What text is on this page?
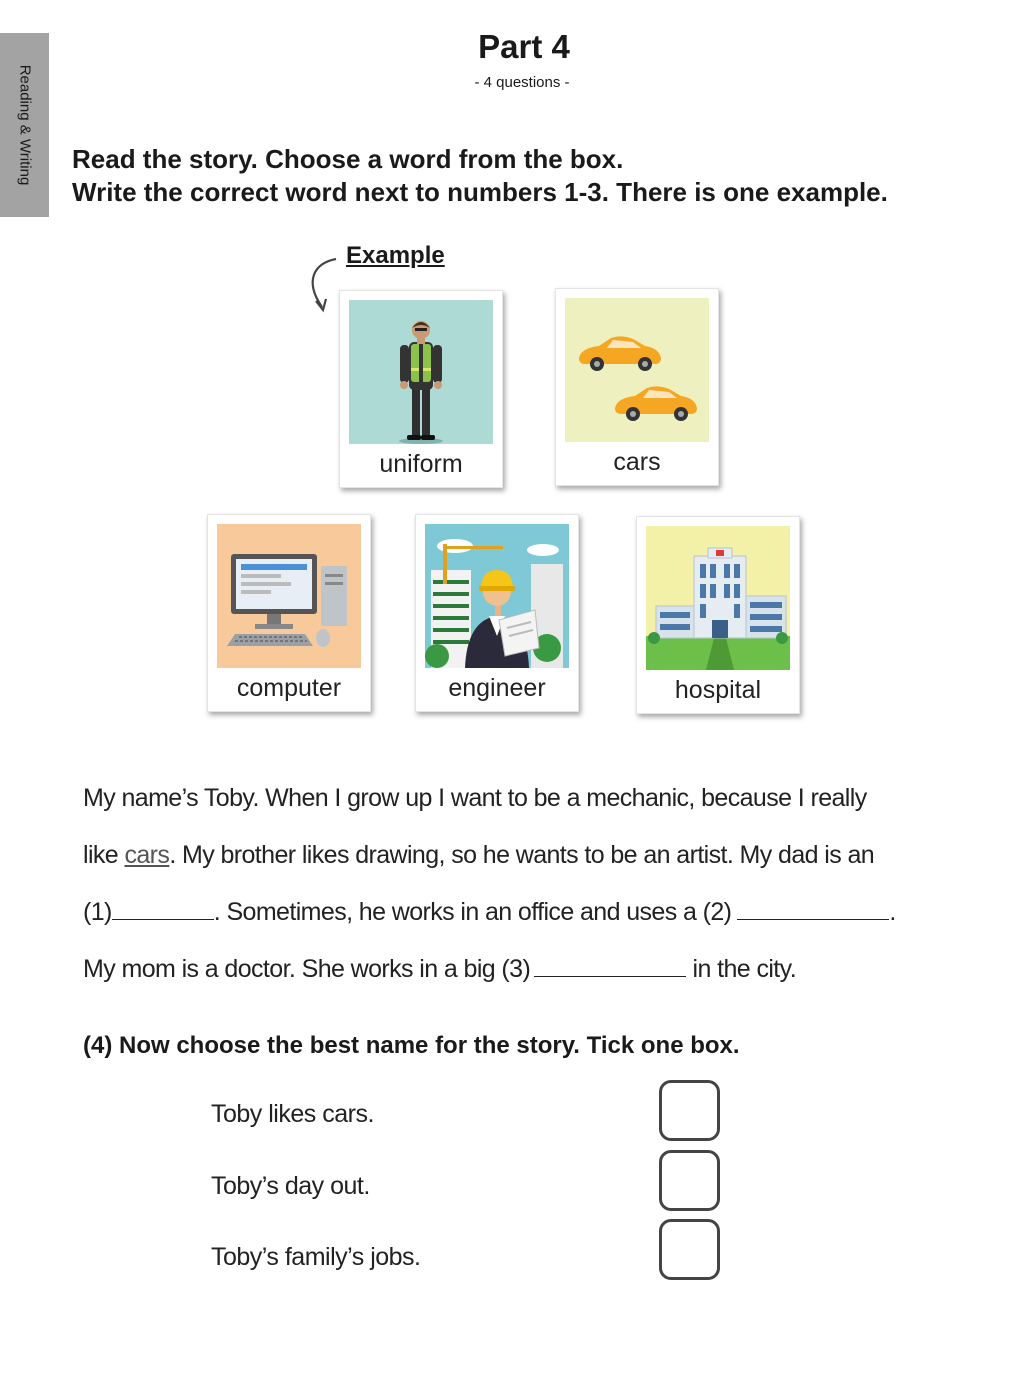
Reading & Writing
Part 4
- 4 questions -
Read the story. Choose a word from the box.
Write the correct word next to numbers 1-3. There is one example.
Example
uniform	cars
computer	engineer	hospital

My name’s Toby. When I grow up I want to be a mechanic, because I really

like cars. My brother likes drawing, so he wants to be an artist. My dad is an

(1)	. Sometimes, he works in an office and uses a (2)	.

My mom is a doctor. She works in a big (3)	in the city.

(4) Now choose the best name for the story. Tick one box.
Toby likes cars.
Toby’s day out.
Toby’s family’s jobs.
